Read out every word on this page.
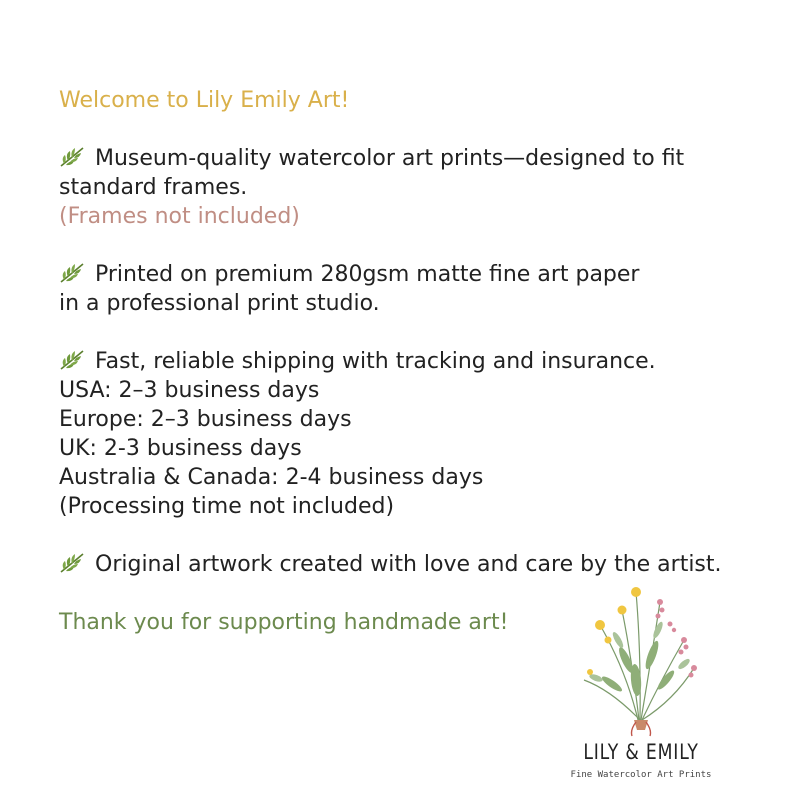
Welcome to Lily Emily Art!
Museum-quality watercolor art prints—designed to fit
standard frames.
(Frames not included)
Printed on premium 280gsm matte fine art paper
in a professional print studio.
Fast, reliable shipping with tracking and insurance.
USA: 2–3 business days
Europe: 2–3 business days
UK: 2-3 business days
Australia & Canada: 2-4 business days
(Processing time not included)
Original artwork created with love and care by the artist.
Thank you for supporting handmade art!
LILY & EMILY
Fine Watercolor Art Prints
